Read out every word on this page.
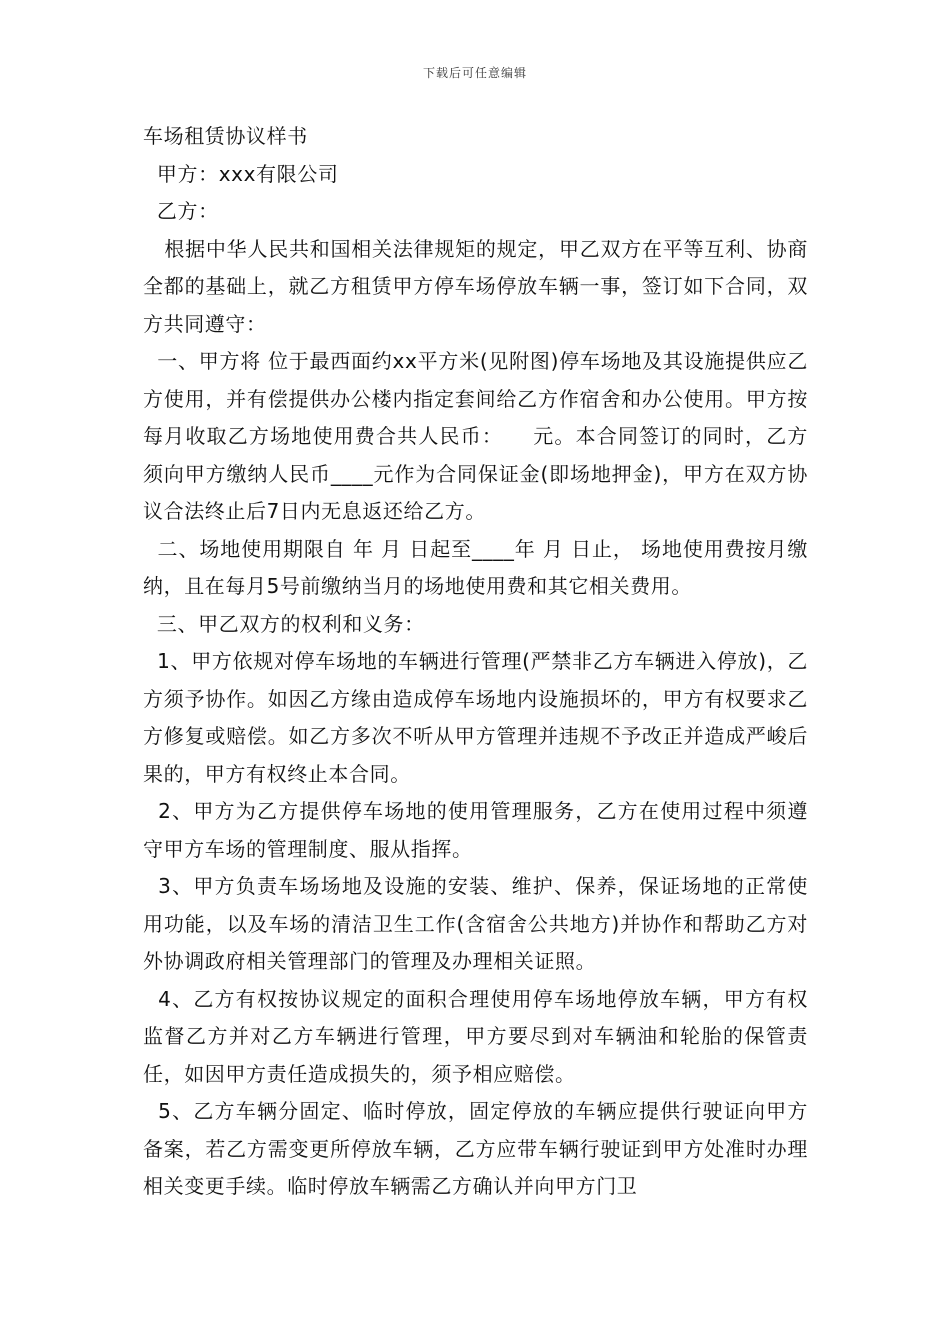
下载后可任意编辑

车场租赁协议样书

甲方：xxx有限公司

乙方：

根据中华人民共和国相关法律规矩的规定，甲乙双方在平等互利、协商全都的基础上，就乙方租赁甲方停车场停放车辆一事，签订如下合同，双方共同遵守：

一、甲方将 位于最西面约xx平方米(见附图)停车场地及其设施提供应乙方使用，并有偿提供办公楼内指定套间给乙方作宿舍和办公使用。甲方按每月收取乙方场地使用费合共人民币：    元。本合同签订的同时，乙方须向甲方缴纳人民币____元作为合同保证金(即场地押金)，甲方在双方协议合法终止后7日内无息返还给乙方。

二、场地使用期限自 年 月 日起至____年 月 日止， 场地使用费按月缴纳，且在每月5号前缴纳当月的场地使用费和其它相关费用。

三、甲乙双方的权利和义务：

1、甲方依规对停车场地的车辆进行管理(严禁非乙方车辆进入停放)，乙方须予协作。如因乙方缘由造成停车场地内设施损坏的，甲方有权要求乙方修复或赔偿。如乙方多次不听从甲方管理并违规不予改正并造成严峻后果的，甲方有权终止本合同。

2、甲方为乙方提供停车场地的使用管理服务，乙方在使用过程中须遵守甲方车场的管理制度、服从指挥。

3、甲方负责车场场地及设施的安装、维护、保养，保证场地的正常使用功能，以及车场的清洁卫生工作(含宿舍公共地方)并协作和帮助乙方对外协调政府相关管理部门的管理及办理相关证照。

4、乙方有权按协议规定的面积合理使用停车场地停放车辆，甲方有权监督乙方并对乙方车辆进行管理，甲方要尽到对车辆油和轮胎的保管责任，如因甲方责任造成损失的，须予相应赔偿。

5、乙方车辆分固定、临时停放，固定停放的车辆应提供行驶证向甲方备案，若乙方需变更所停放车辆，乙方应带车辆行驶证到甲方处准时办理相关变更手续。临时停放车辆需乙方确认并向甲方门卫
